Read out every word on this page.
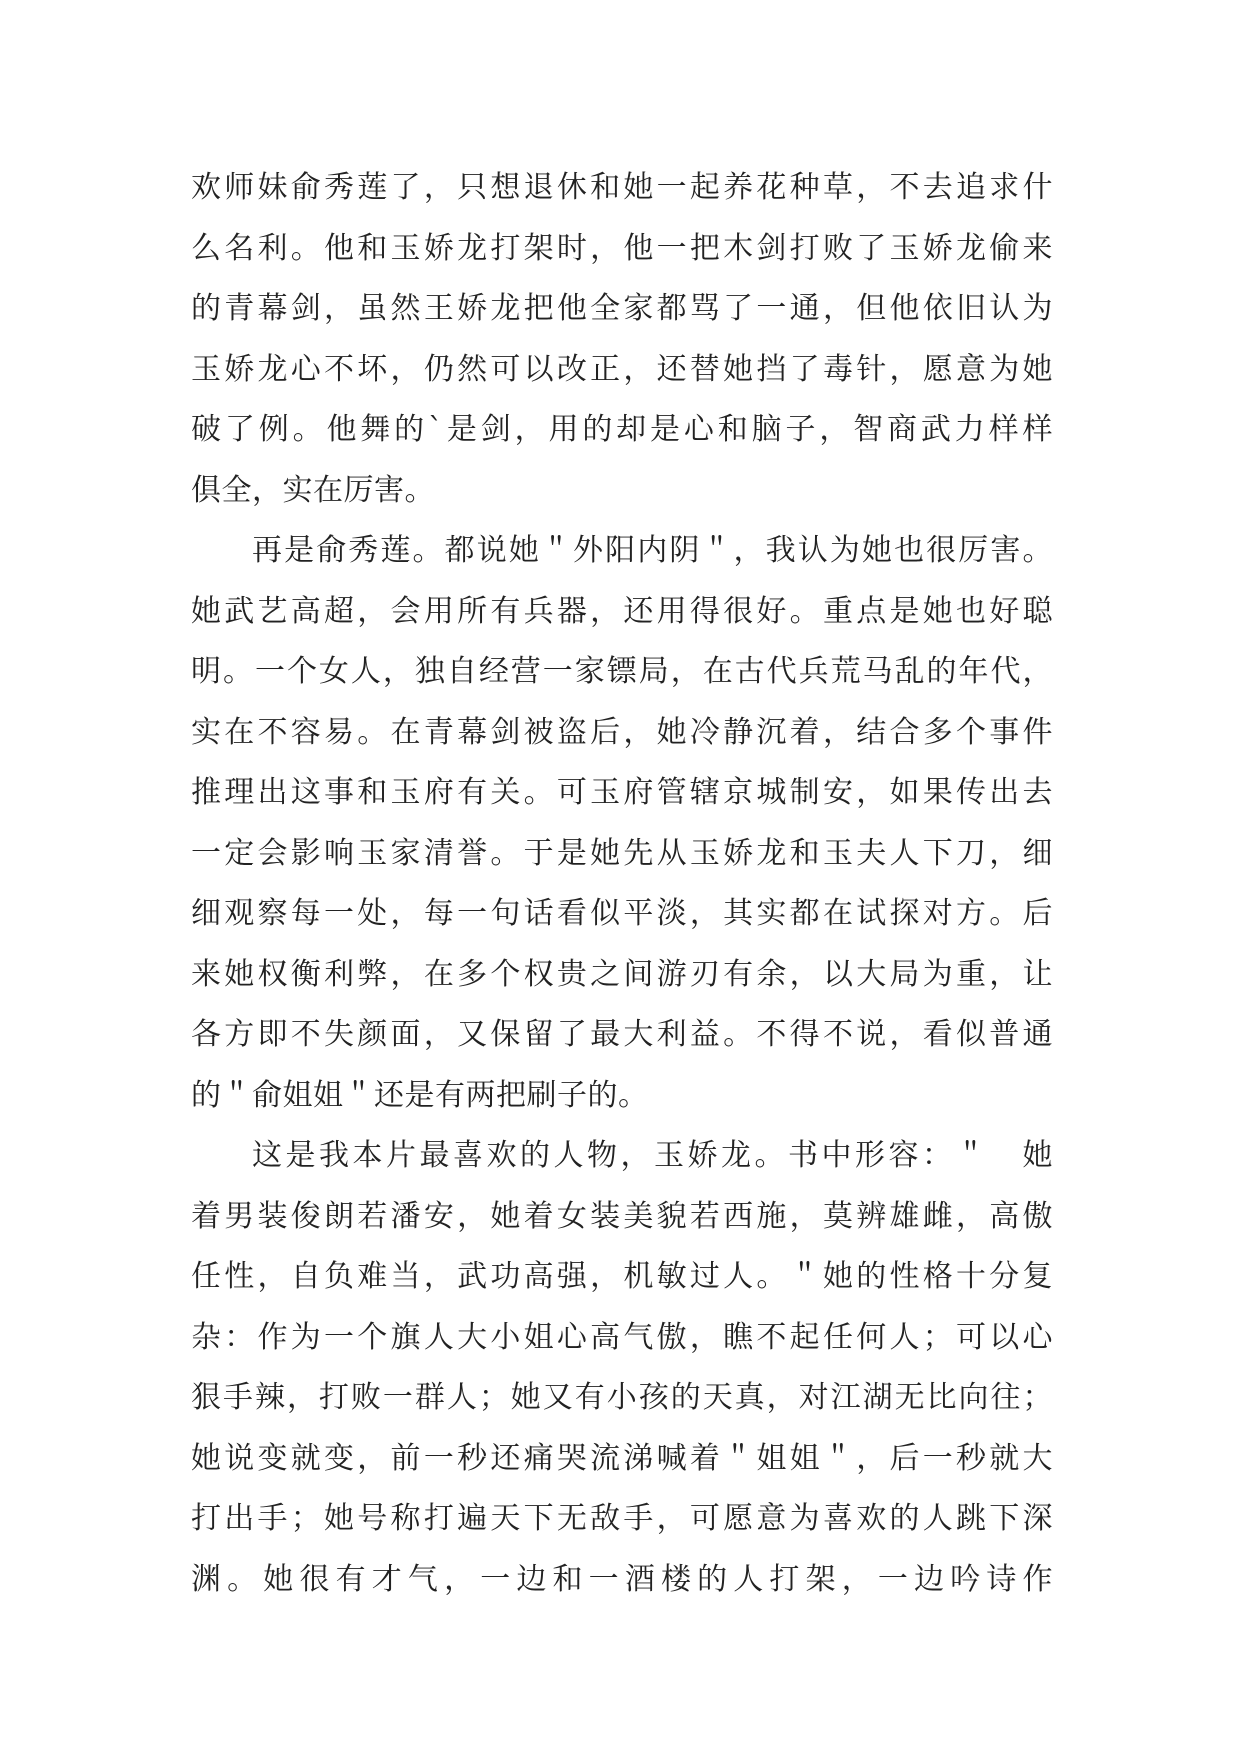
欢师妹俞秀莲了，只想退休和她一起养花种草，不去追求什
么名利。他和玉娇龙打架时，他一把木剑打败了玉娇龙偷来
的青幕剑，虽然王娇龙把他全家都骂了一通，但他依旧认为
玉娇龙心不坏，仍然可以改正，还替她挡了毒针，愿意为她
破了例。他舞的`是剑，用的却是心和脑子，智商武力样样
俱全，实在厉害。
再是俞秀莲。都说她＂外阳内阴＂，我认为她也很厉害。
她武艺高超，会用所有兵器，还用得很好。重点是她也好聪
明。一个女人，独自经营一家镖局，在古代兵荒马乱的年代，
实在不容易。在青幕剑被盗后，她冷静沉着，结合多个事件
推理出这事和玉府有关。可玉府管辖京城制安，如果传出去
一定会影响玉家清誉。于是她先从玉娇龙和玉夫人下刀，细
细观察每一处，每一句话看似平淡，其实都在试探对方。后
来她权衡利弊，在多个权贵之间游刃有余，以大局为重，让
各方即不失颜面，又保留了最大利益。不得不说，看似普通
的＂俞姐姐＂还是有两把刷子的。
这是我本片最喜欢的人物，玉娇龙。书中形容：＂　她
着男装俊朗若潘安，她着女装美貌若西施，莫辨雄雌，高傲
任性，自负难当，武功高强，机敏过人。＂她的性格十分复
杂：作为一个旗人大小姐心高气傲，瞧不起任何人；可以心
狠手辣，打败一群人；她又有小孩的天真，对江湖无比向往；
她说变就变，前一秒还痛哭流涕喊着＂姐姐＂，后一秒就大
打出手；她号称打遍天下无敌手，可愿意为喜欢的人跳下深
渊。她很有才气，一边和一酒楼的人打架，一边吟诗作
